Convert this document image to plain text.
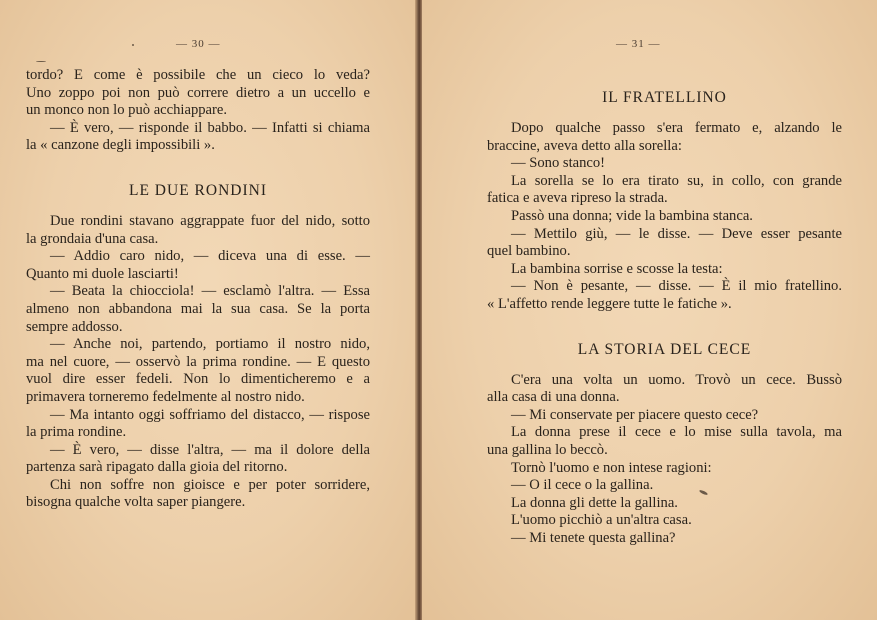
— 30 —
tordo? E come è possibile che un cieco lo veda?
Uno zoppo poi non può correre dietro a un uccello e
un monco non lo può acchiappare.
— È vero, — risponde il babbo. — Infatti si chiama
la « canzone degli impossibili ».
LE DUE RONDINI
Due rondini stavano aggrappate fuor del nido, sotto
la grondaia d'una casa.
— Addio caro nido, — diceva una di esse. —
Quanto mi duole lasciarti!
— Beata la chiocciola! — esclamò l'altra. — Essa
almeno non abbandona mai la sua casa. Se la porta
sempre addosso.
— Anche noi, partendo, portiamo il nostro nido,
ma nel cuore, — osservò la prima rondine. — E questo
vuol dire esser fedeli. Non lo dimenticheremo e a
primavera torneremo fedelmente al nostro nido.
— Ma intanto oggi soffriamo del distacco, — rispose
la prima rondine.
— È vero, — disse l'altra, — ma il dolore della
partenza sarà ripagato dalla gioia del ritorno.
Chi non soffre non gioisce e per poter sorridere,
bisogna qualche volta saper piangere.
— 31 —
IL FRATELLINO
Dopo qualche passo s'era fermato e, alzando le
braccine, aveva detto alla sorella:
— Sono stanco!
La sorella se lo era tirato su, in collo, con grande
fatica e aveva ripreso la strada.
Passò una donna; vide la bambina stanca.
— Mettilo giù, — le disse. — Deve esser pesante
quel bambino.
La bambina sorrise e scosse la testa:
— Non è pesante, — disse. — È il mio fratellino.
« L'affetto rende leggere tutte le fatiche ».
LA STORIA DEL CECE
C'era una volta un uomo. Trovò un cece. Bussò
alla casa di una donna.
— Mi conservate per piacere questo cece?
La donna prese il cece e lo mise sulla tavola, ma
una gallina lo beccò.
Tornò l'uomo e non intese ragioni:
— O il cece o la gallina.
La donna gli dette la gallina.
L'uomo picchiò a un'altra casa.
— Mi tenete questa gallina?
